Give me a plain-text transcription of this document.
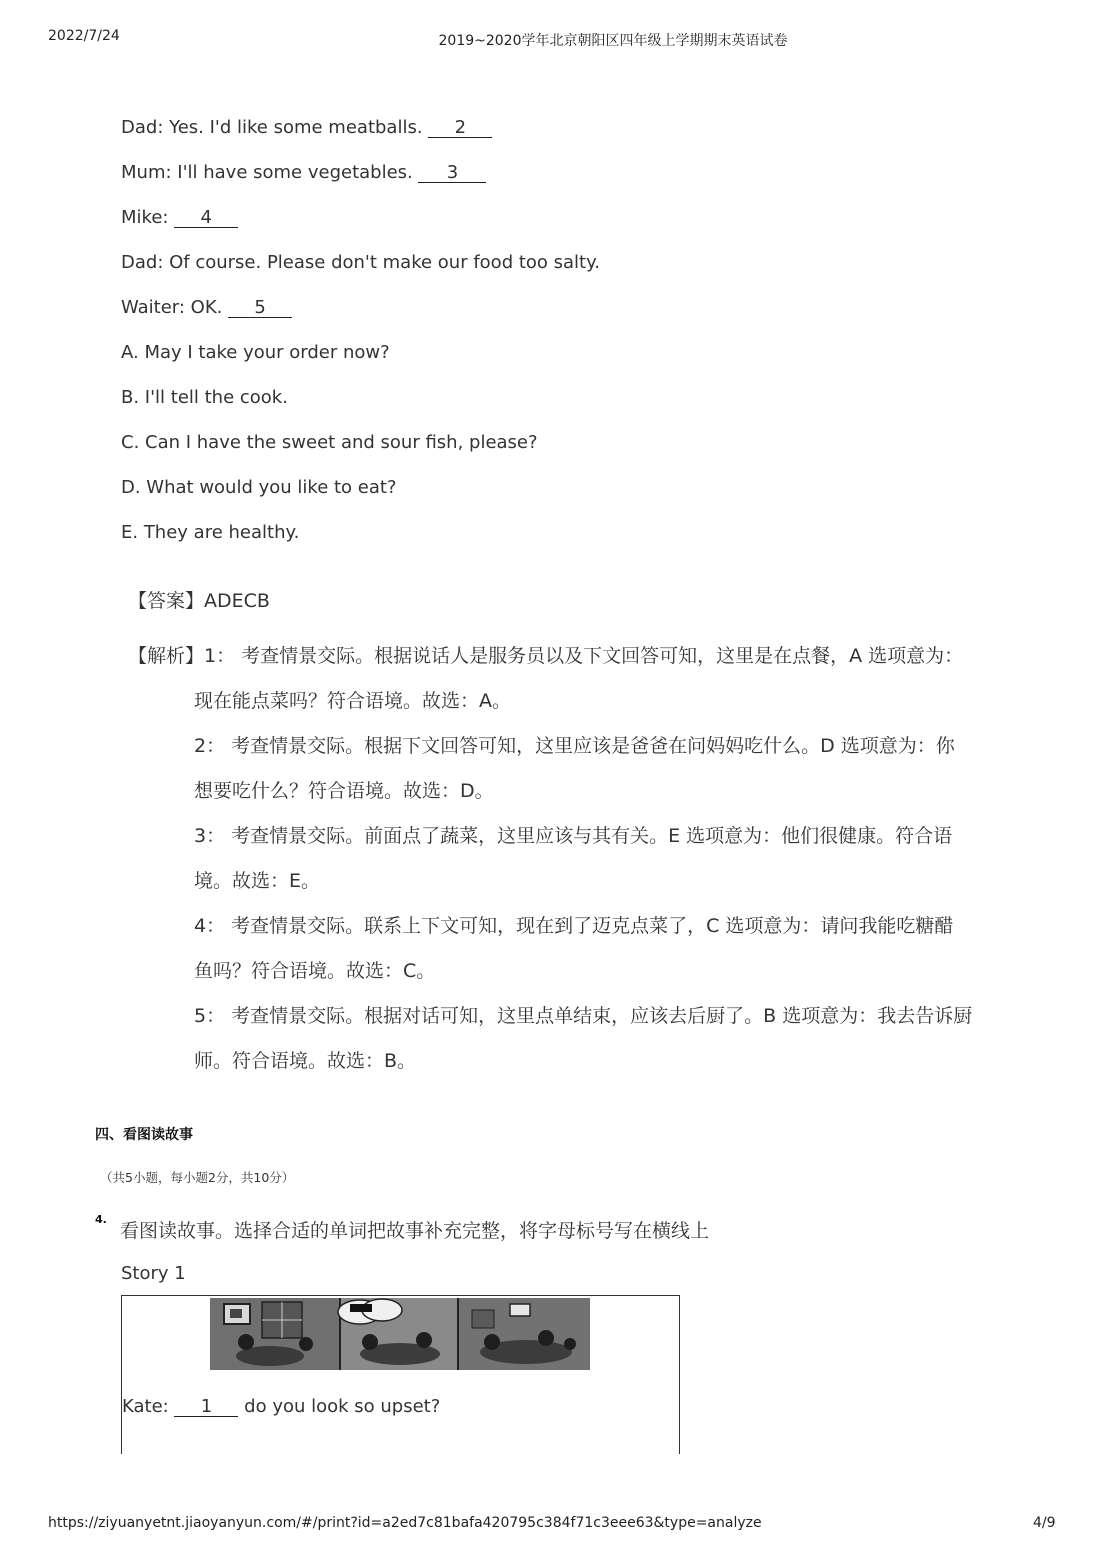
2022/7/24	2019~2020学年北京朝阳区四年级上学期期末英语试卷
Dad: Yes. I'd like some meatballs. 2
Mum: I'll have some vegetables. 3
Mike: 4
Dad: Of course. Please don't make our food too salty.
Waiter: OK. 5
A. May I take your order now?
B. I'll tell the cook.
C. Can I have the sweet and sour fish, please?
D. What would you like to eat?
E. They are healthy.
【答案】ADECB
【解析】1： 考查情景交际。根据说话人是服务员以及下文回答可知，这里是在点餐，A 选项意为：
现在能点菜吗？符合语境。故选：A。
2： 考查情景交际。根据下文回答可知，这里应该是爸爸在问妈妈吃什么。D 选项意为：你
想要吃什么？符合语境。故选：D。
3： 考查情景交际。前面点了蔬菜，这里应该与其有关。E 选项意为：他们很健康。符合语
境。故选：E。
4： 考查情景交际。联系上下文可知，现在到了迈克点菜了，C 选项意为：请问我能吃糖醋
鱼吗？符合语境。故选：C。
5： 考查情景交际。根据对话可知，这里点单结束，应该去后厨了。B 选项意为：我去告诉厨
师。符合语境。故选：B。
四、看图读故事
（共5小题，每小题2分，共10分）
4.
看图读故事。选择合适的单词把故事补充完整，将字母标号写在横线上
Story 1
Kate: 1 do you look so upset?
https://ziyuanyetnt.jiaoyanyun.com/#/print?id=a2ed7c81bafa420795c384f71c3eee63&type=analyze	4/9
